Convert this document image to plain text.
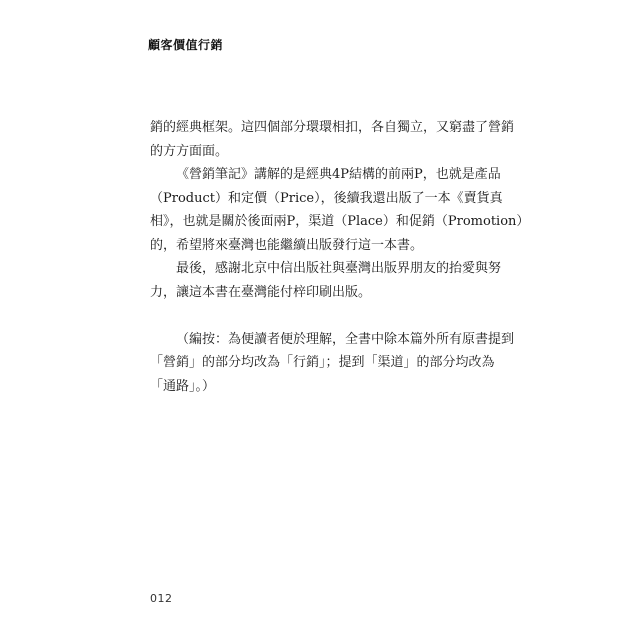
顧客價值行銷
銷的經典框架。這四個部分環環相扣，各自獨立，又窮盡了營銷
的方方面面。
《營銷筆記》講解的是經典4P結構的前兩P，也就是產品
（Product）和定價（Price），後續我還出版了一本《賣貨真
相》，也就是關於後面兩P，渠道（Place）和促銷（Promotion）
的，希望將來臺灣也能繼續出版發行這一本書。
最後，感謝北京中信出版社與臺灣出版界朋友的抬愛與努
力，讓這本書在臺灣能付梓印刷出版。
（編按：為便讀者便於理解，全書中除本篇外所有原書提到
「營銷」的部分均改為「行銷」；提到「渠道」的部分均改為
「通路」。）
012
